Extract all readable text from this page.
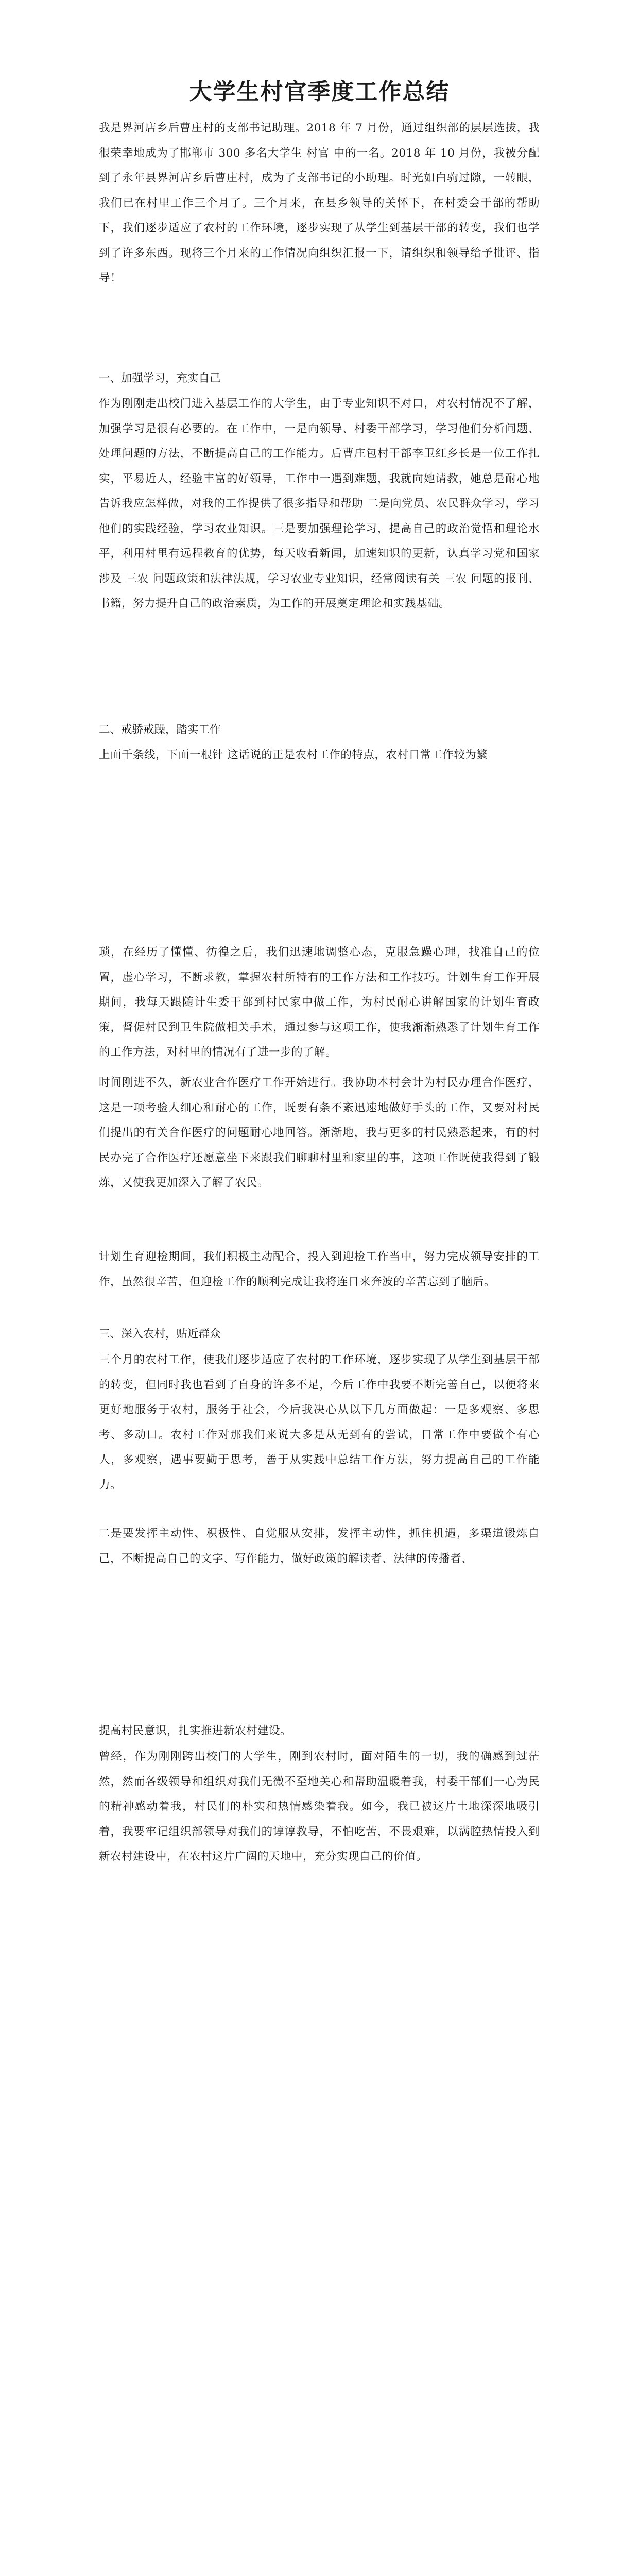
大学生村官季度工作总结

我是界河店乡后曹庄村的支部书记助理。2018 年 7 月份，通过组织部的层层选拔，我很荣幸地成为了邯郸市 300 多名大学生 村官 中的一名。2018 年 10 月份，我被分配到了永年县界河店乡后曹庄村，成为了支部书记的小助理。时光如白驹过隙，一转眼，我们已在村里工作三个月了。三个月来，在县乡领导的关怀下，在村委会干部的帮助下，我们逐步适应了农村的工作环境，逐步实现了从学生到基层干部的转变，我们也学到了许多东西。现将三个月来的工作情况向组织汇报一下，请组织和领导给予批评、指导！

一、加强学习，充实自己

作为刚刚走出校门进入基层工作的大学生，由于专业知识不对口，对农村情况不了解，加强学习是很有必要的。在工作中，一是向领导、村委干部学习，学习他们分析问题、处理问题的方法，不断提高自己的工作能力。后曹庄包村干部李卫红乡长是一位工作扎实，平易近人，经验丰富的好领导，工作中一遇到难题，我就向她请教，她总是耐心地告诉我应怎样做，对我的工作提供了很多指导和帮助 二是向党员、农民群众学习，学习他们的实践经验，学习农业知识。三是要加强理论学习，提高自己的政治觉悟和理论水平，利用村里有远程教育的优势，每天收看新闻，加速知识的更新，认真学习党和国家涉及 三农 问题政策和法律法规，学习农业专业知识，经常阅读有关 三农 问题的报刊、书籍，努力提升自己的政治素质，为工作的开展奠定理论和实践基础。

二、戒骄戒躁，踏实工作

上面千条线，下面一根针 这话说的正是农村工作的特点，农村日常工作较为繁

琐，在经历了懂懂、彷徨之后，我们迅速地调整心态，克服急躁心理，找准自己的位置，虚心学习，不断求教，掌握农村所特有的工作方法和工作技巧。计划生育工作开展期间，我每天跟随计生委干部到村民家中做工作，为村民耐心讲解国家的计划生育政策，督促村民到卫生院做相关手术，通过参与这项工作，使我渐渐熟悉了计划生育工作的工作方法，对村里的情况有了进一步的了解。

时间刚进不久，新农业合作医疗工作开始进行。我协助本村会计为村民办理合作医疗，这是一项考验人细心和耐心的工作，既要有条不紊迅速地做好手头的工作，又要对村民们提出的有关合作医疗的问题耐心地回答。渐渐地，我与更多的村民熟悉起来，有的村民办完了合作医疗还愿意坐下来跟我们聊聊村里和家里的事，这项工作既使我得到了锻炼，又使我更加深入了解了农民。

计划生育迎检期间，我们积极主动配合，投入到迎检工作当中，努力完成领导安排的工作，虽然很辛苦，但迎检工作的顺利完成让我将连日来奔波的辛苦忘到了脑后。

三、深入农村，贴近群众

三个月的农村工作，使我们逐步适应了农村的工作环境，逐步实现了从学生到基层干部的转变，但同时我也看到了自身的许多不足，今后工作中我要不断完善自己，以便将来更好地服务于农村，服务于社会，今后我决心从以下几方面做起：一是多观察、多思考、多动口。农村工作对那我们来说大多是从无到有的尝试，日常工作中要做个有心人，多观察，遇事要勤于思考，善于从实践中总结工作方法，努力提高自己的工作能力。

二是要发挥主动性、积极性、自觉服从安排，发挥主动性，抓住机遇，多渠道锻炼自己，不断提高自己的文字、写作能力，做好政策的解读者、法律的传播者、

提高村民意识，扎实推进新农村建设。

曾经，作为刚刚跨出校门的大学生，刚到农村时，面对陌生的一切，我的确感到过茫然，然而各级领导和组织对我们无微不至地关心和帮助温暖着我，村委干部们一心为民的精神感动着我，村民们的朴实和热情感染着我。如今，我已被这片土地深深地吸引着，我要牢记组织部领导对我们的谆谆教导，不怕吃苦，不畏艰难，以满腔热情投入到新农村建设中，在农村这片广阔的天地中，充分实现自己的价值。
